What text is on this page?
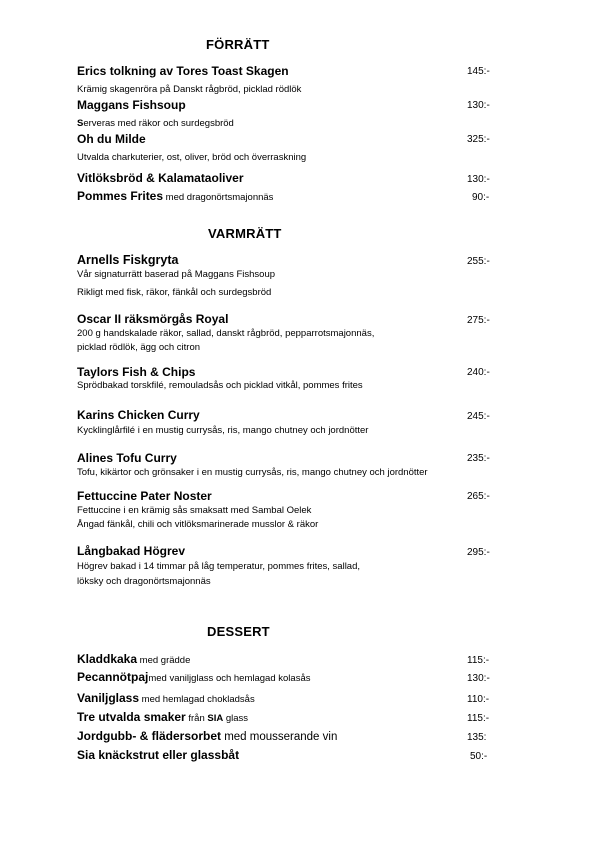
FÖRRÄTT
Erics tolkning av Tores Toast Skagen	145:-
Krämig skagenröra på Danskt rågbröd, picklad rödlök
Maggans Fishsoup	130:-
Serveras med räkor och surdegsbröd
Oh du Milde	325:-
Utvalda charkuterier, ost, oliver, bröd och överraskning
Vitlöksbröd & Kalamataoliver	130:-
Pommes Frites med dragonörtsmajonnäs	90:-
VARMRÄTT
Arnells Fiskgryta	255:-
Vår signaturrätt baserad på Maggans Fishsoup
Rikligt med fisk, räkor, fänkål och surdegsbröd
Oscar II räksmörgås Royal	275:-
200 g handskalade räkor, sallad, danskt rågbröd, pepparrotsmajonnäs,
picklad rödlök, ägg och citron
Taylors Fish & Chips	240:-
Sprödbakad torskfilé, remouladsås och picklad vitkål, pommes frites
Karins Chicken Curry	245:-
Kycklinglårfilé i en mustig currysås, ris, mango chutney och jordnötter
Alines Tofu Curry	235:-
Tofu, kikärtor och grönsaker i en mustig currysås, ris, mango chutney och jordnötter
Fettuccine Pater Noster	265:-
Fettuccine i en krämig sås smaksatt med Sambal Oelek
Ångad fänkål, chili och vitlöksmarinerade musslor & räkor
Långbakad Högrev	295:-
Högrev bakad i 14 timmar på låg temperatur, pommes frites, sallad,
löksky och dragonörtsmajonnäs
DESSERT
Kladdkaka med grädde	115:-
Pecannötpajmed vaniljglass och hemlagad kolasås	130:-
Vaniljglass med hemlagad chokladsås	110:-
Tre utvalda smaker från SIA glass	115:-
Jordgubb- & flädersorbet med mousserande vin	135:
Sia knäckstrut eller glassbåt	50:-
